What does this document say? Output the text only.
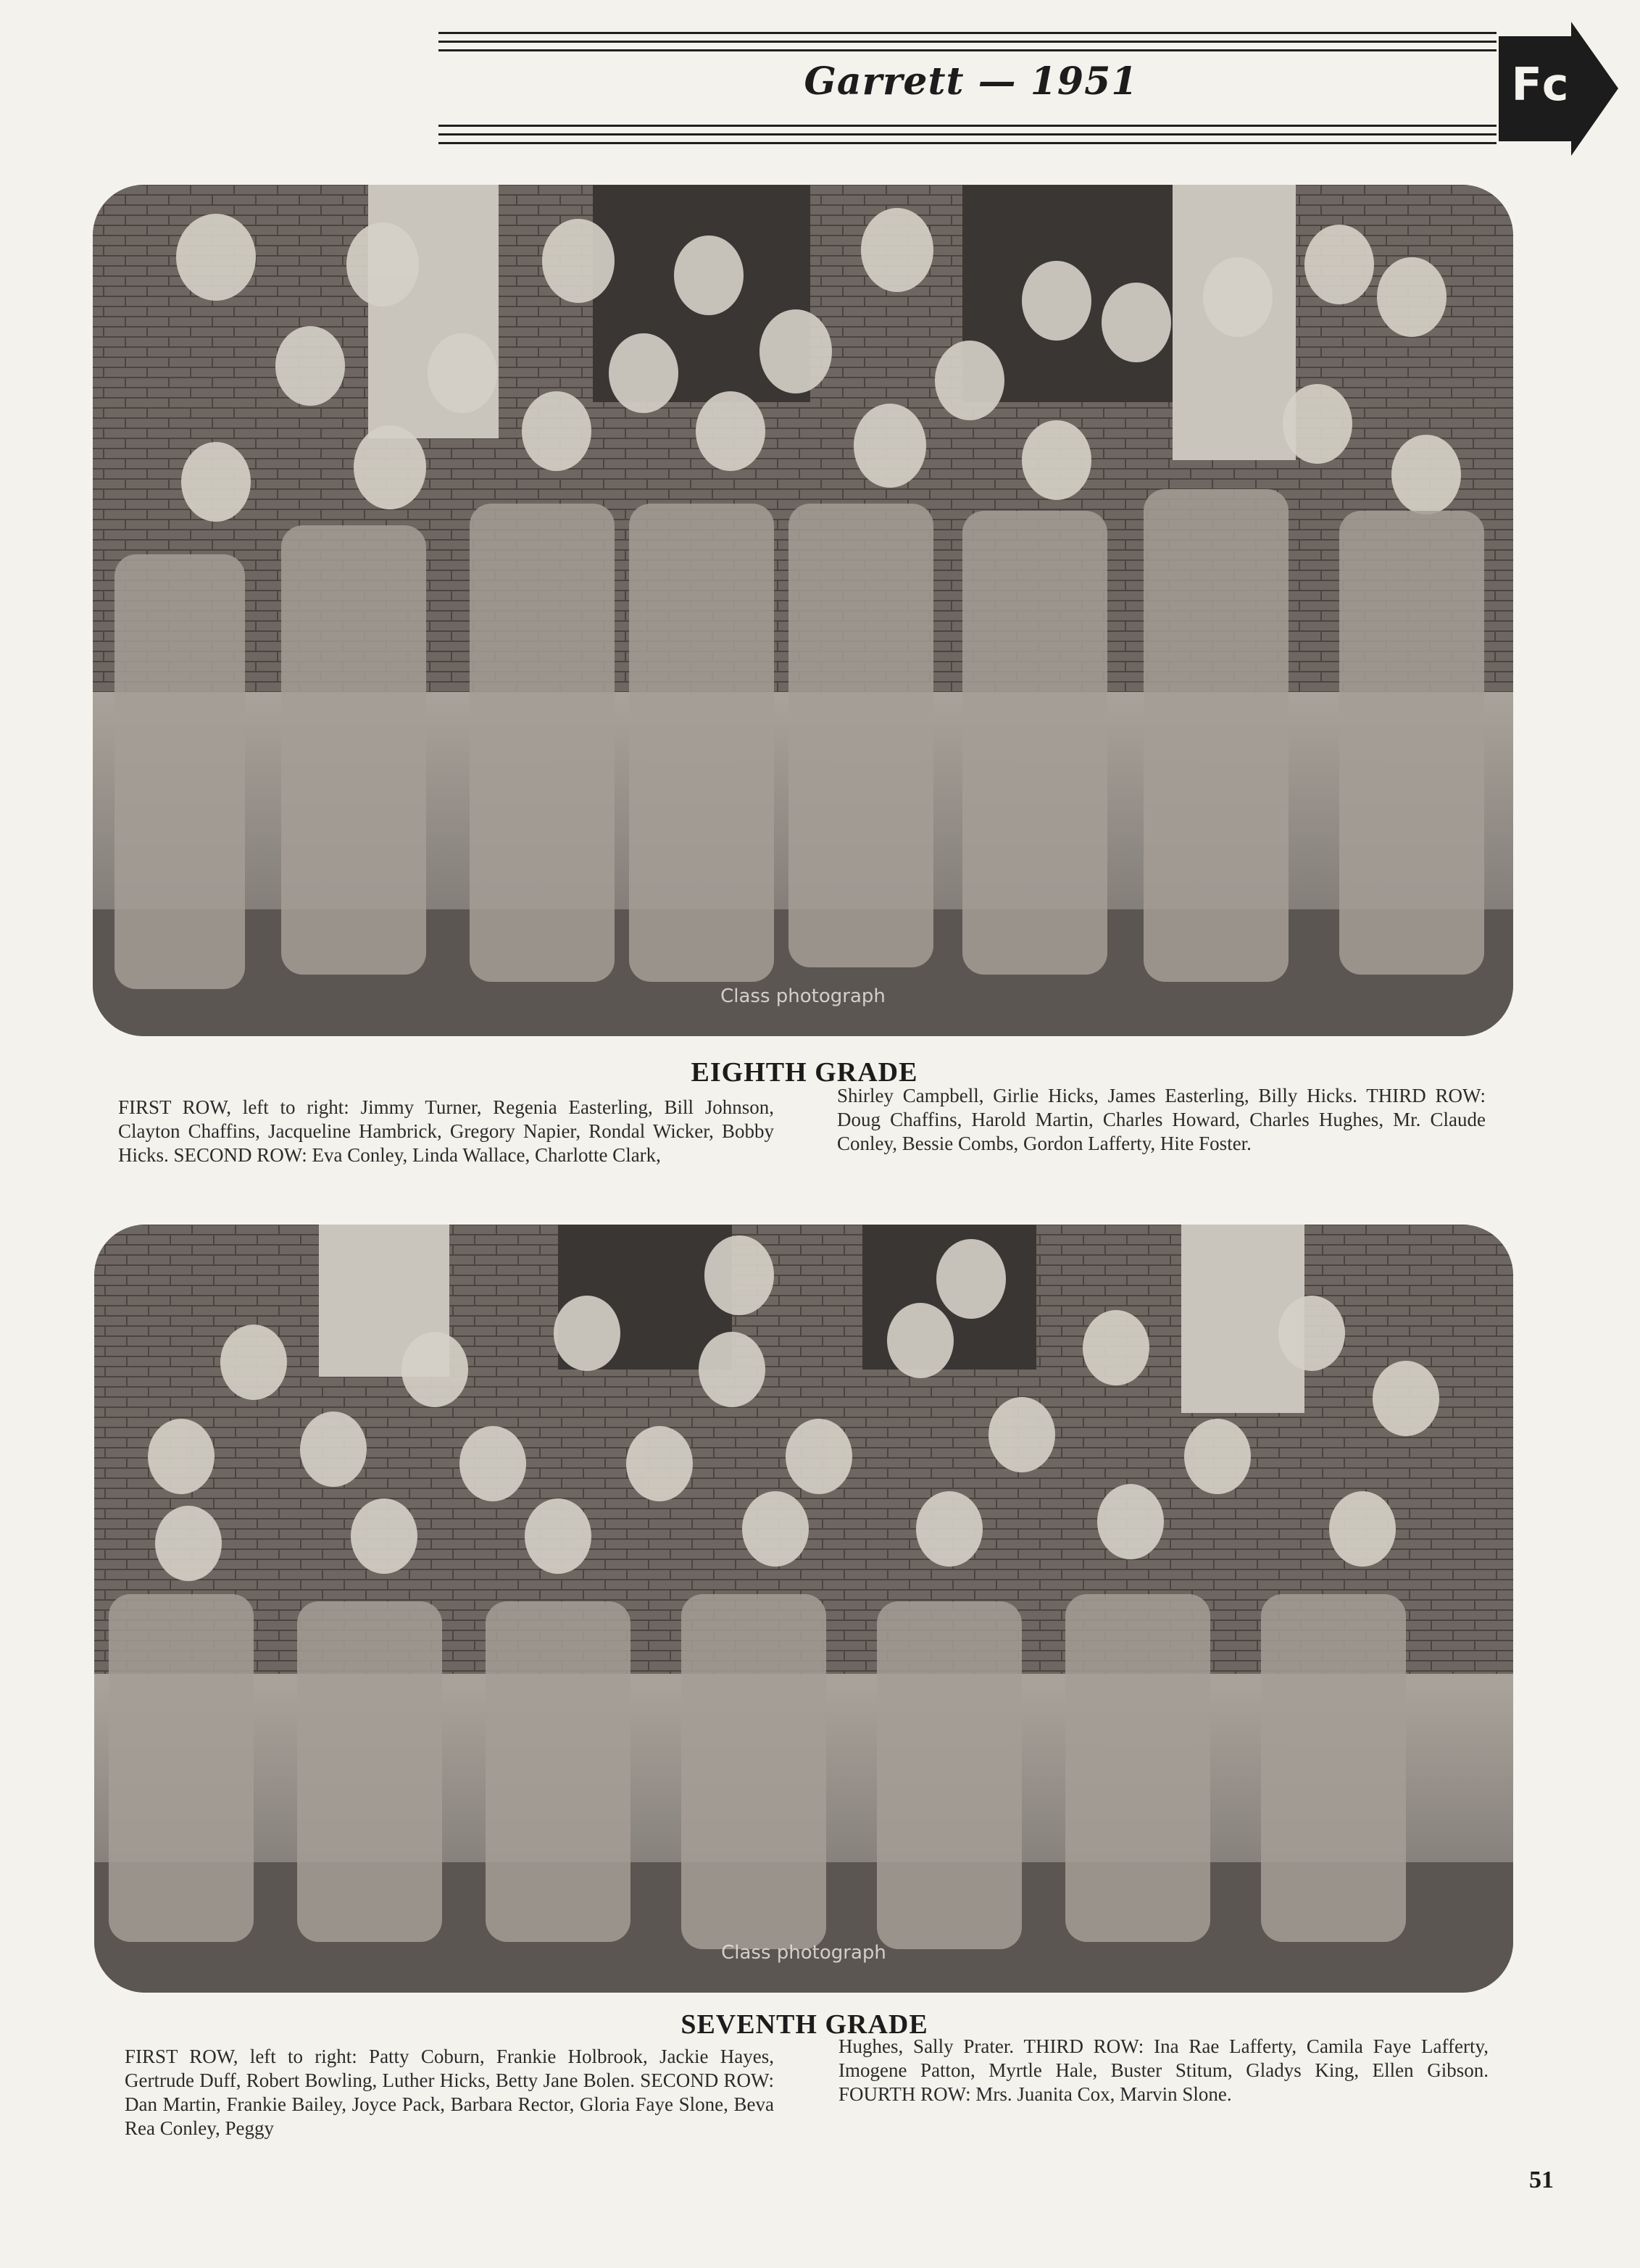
Garrett — 1951	Fc
Class photograph
EIGHTH GRADE

FIRST ROW, left to right: Jimmy Turner, Regenia Easterling, Bill Johnson, Clayton Chaffins, Jacqueline Hambrick, Gregory Napier, Rondal Wicker, Bobby Hicks. SECOND ROW: Eva Conley, Linda Wallace, Charlotte Clark,

Shirley Campbell, Girlie Hicks, James Easterling, Billy Hicks. THIRD ROW: Doug Chaffins, Harold Martin, Charles Howard, Charles Hughes, Mr. Claude Conley, Bessie Combs, Gordon Lafferty, Hite Foster.

Class photograph
SEVENTH GRADE

FIRST ROW, left to right: Patty Coburn, Frankie Holbrook, Jackie Hayes, Gertrude Duff, Robert Bowling, Luther Hicks, Betty Jane Bolen. SECOND ROW: Dan Martin, Frankie Bailey, Joyce Pack, Barbara Rector, Gloria Faye Slone, Beva Rea Conley, Peggy

Hughes, Sally Prater. THIRD ROW: Ina Rae Lafferty, Camila Faye Lafferty, Imogene Patton, Myrtle Hale, Buster Stitum, Gladys King, Ellen Gibson. FOURTH ROW: Mrs. Juanita Cox, Marvin Slone.

51
